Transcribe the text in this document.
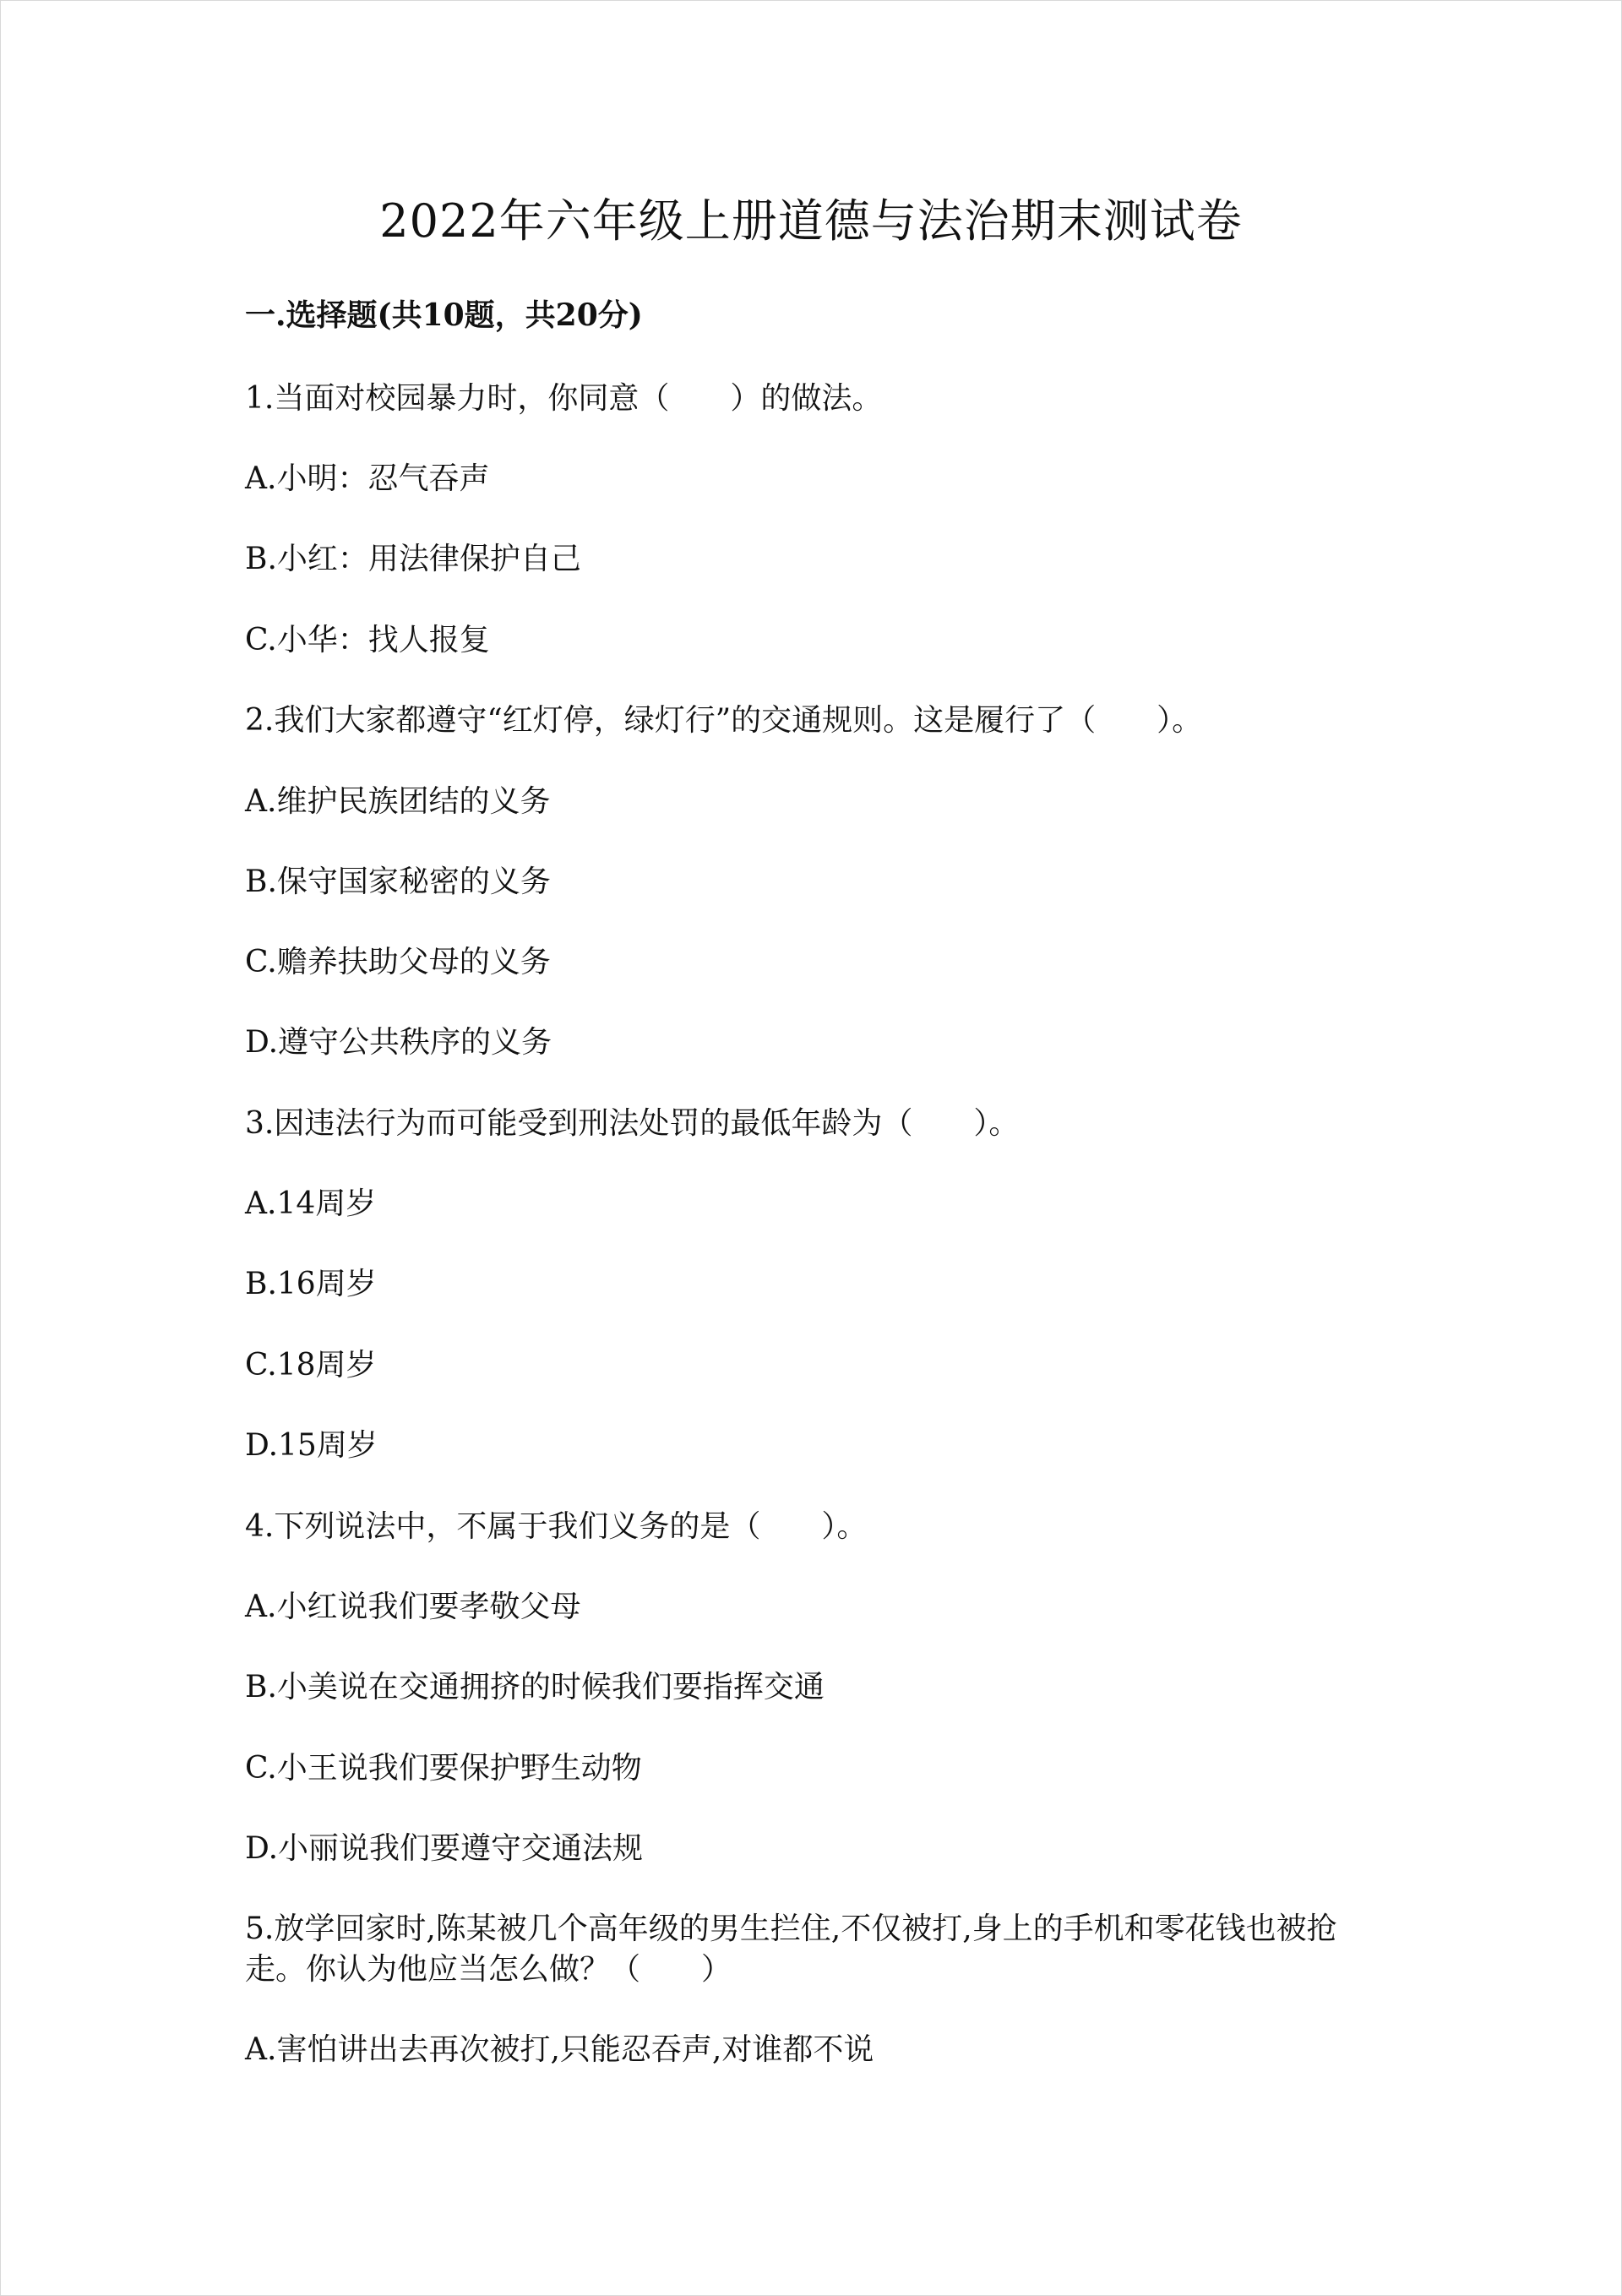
2022年六年级上册道德与法治期末测试卷
一.选择题(共10题，共20分)
1.当面对校园暴力时，你同意（　　）的做法。
A.小明：忍气吞声
B.小红：用法律保护自己
C.小华：找人报复
2.我们大家都遵守“红灯停，绿灯行”的交通规则。这是履行了（　　）。
A.维护民族团结的义务
B.保守国家秘密的义务
C.赡养扶助父母的义务
D.遵守公共秩序的义务
3.因违法行为而可能受到刑法处罚的最低年龄为（　　）。
A.14周岁
B.16周岁
C.18周岁
D.15周岁
4.下列说法中，不属于我们义务的是（　　）。
A.小红说我们要孝敬父母
B.小美说在交通拥挤的时候我们要指挥交通
C.小王说我们要保护野生动物
D.小丽说我们要遵守交通法规
5.放学回家时,陈某被几个高年级的男生拦住,不仅被打,身上的手机和零花钱也被抢走。你认为他应当怎么做？（　　）
A.害怕讲出去再次被打,只能忍吞声,对谁都不说
